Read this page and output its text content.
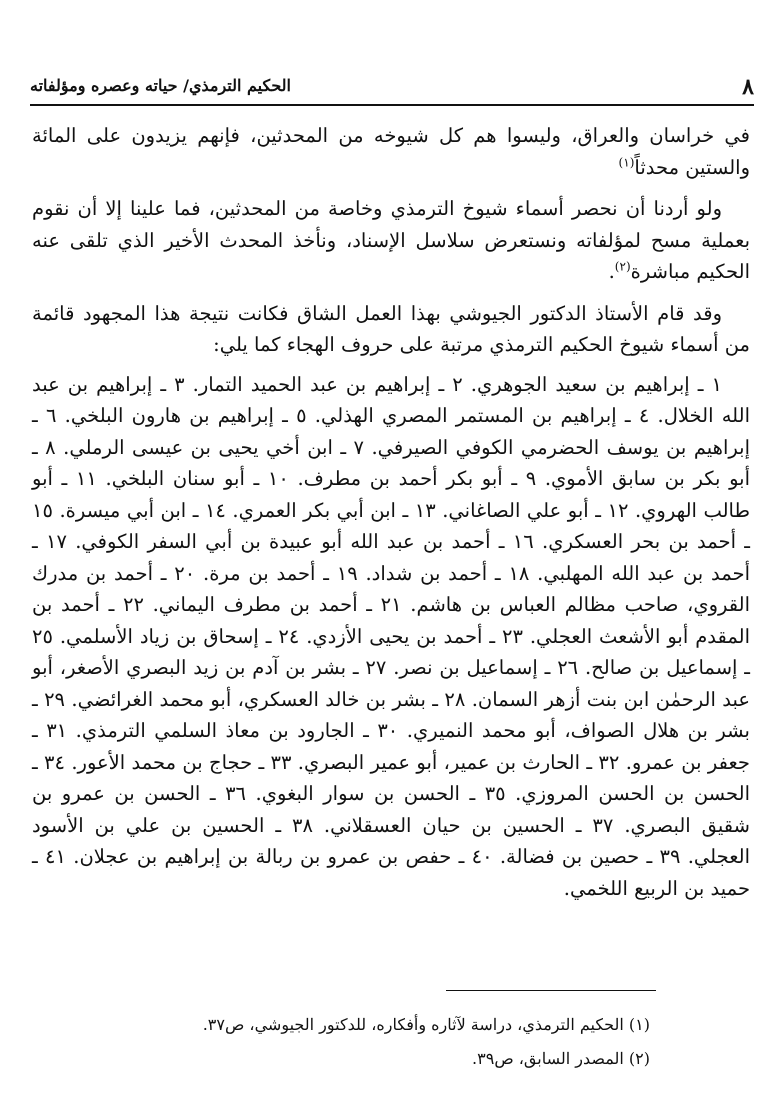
٨
الحكيم الترمذي/ حياته وعصره ومؤلفاته

في خراسان والعراق، وليسوا هم كل شيوخه من المحدثين، فإنهم يزيدون على المائة والستين محدثاً$^{(١)}$

ولو أردنا أن نحصر أسماء شيوخ الترمذي وخاصة من المحدثين، فما علينا إلا أن نقوم بعملية مسح لمؤلفاته ونستعرض سلاسل الإسناد، ونأخذ المحدث الأخير الذي تلقى عنه الحكيم مباشرة$^{(٢)}$.

وقد قام الأستاذ الدكتور الجيوشي بهذا العمل الشاق فكانت نتيجة هذا المجهود قائمة من أسماء شيوخ الحكيم الترمذي مرتبة على حروف الهجاء كما يلي:

١ ـ إبراهيم بن سعيد الجوهري. ٢ ـ إبراهيم بن عبد الحميد التمار. ٣ ـ إبراهيم بن عبد الله الخلال. ٤ ـ إبراهيم بن المستمر المصري الهذلي. ٥ ـ إبراهيم بن هارون البلخي. ٦ ـ إبراهيم بن يوسف الحضرمي الكوفي الصيرفي. ٧ ـ ابن أخي يحيى بن عيسى الرملي. ٨ ـ أبو بكر بن سابق الأموي. ٩ ـ أبو بكر أحمد بن مطرف. ١٠ ـ أبو سنان البلخي. ١١ ـ أبو طالب الهروي. ١٢ ـ أبو علي الصاغاني. ١٣ ـ ابن أبي بكر العمري. ١٤ ـ ابن أبي ميسرة. ١٥ ـ أحمد بن بحر العسكري. ١٦ ـ أحمد بن عبد الله أبو عبيدة بن أبي السفر الكوفي. ١٧ ـ أحمد بن عبد الله المهلبي. ١٨ ـ أحمد بن شداد. ١٩ ـ أحمد بن مرة. ٢٠ ـ أحمد بن مدرك القروي، صاحب مظالم العباس بن هاشم. ٢١ ـ أحمد بن مطرف اليماني. ٢٢ ـ أحمد بن المقدم أبو الأشعث العجلي. ٢٣ ـ أحمد بن يحيى الأزدي. ٢٤ ـ إسحاق بن زياد الأسلمي. ٢٥ ـ إسماعيل بن صالح. ٢٦ ـ إسماعيل بن نصر. ٢٧ ـ بشر بن آدم بن زيد البصري الأصغر، أبو عبد الرحمٰن ابن بنت أزهر السمان. ٢٨ ـ بشر بن خالد العسكري، أبو محمد الغرائضي. ٢٩ ـ بشر بن هلال الصواف، أبو محمد النميري. ٣٠ ـ الجارود بن معاذ السلمي الترمذي. ٣١ ـ جعفر بن عمرو. ٣٢ ـ الحارث بن عمير، أبو عمير البصري. ٣٣ ـ حجاج بن محمد الأعور. ٣٤ ـ الحسن بن الحسن المروزي. ٣٥ ـ الحسن بن سوار البغوي. ٣٦ ـ الحسن بن عمرو بن شقيق البصري. ٣٧ ـ الحسين بن حيان العسقلاني. ٣٨ ـ الحسين بن علي بن الأسود العجلي. ٣٩ ـ حصين بن فضالة. ٤٠ ـ حفص بن عمرو بن ربالة بن إبراهيم بن عجلان. ٤١ ـ حميد بن الربيع اللخمي.

(١) الحكيم الترمذي، دراسة لآثاره وأفكاره، للدكتور الجيوشي، ص٣٧.
(٢) المصدر السابق، ص٣٩.
